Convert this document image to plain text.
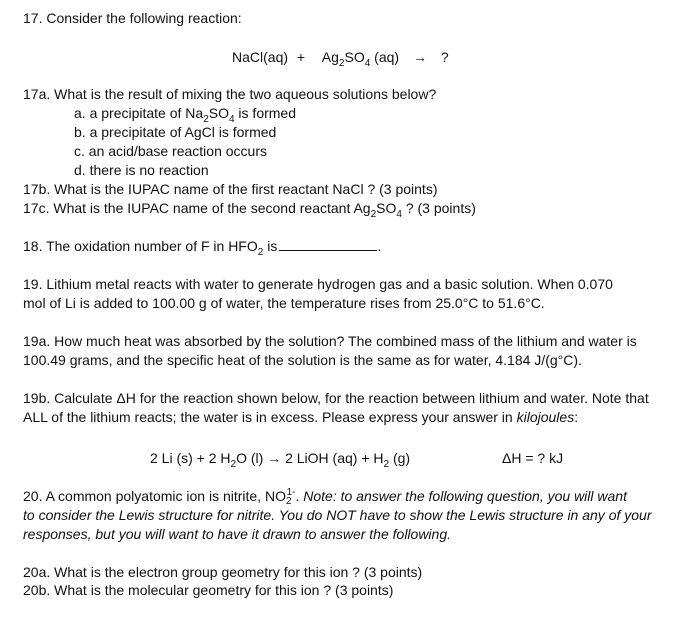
17. Consider the following reaction:
NaCl(aq) + $Ag_2SO_4$ (aq) → ?
17a. What is the result of mixing the two aqueous solutions below?
a. a precipitate of $Na_2SO_4$ is formed
b. a precipitate of AgCl is formed
c. an acid/base reaction occurs
d. there is no reaction
17b. What is the IUPAC name of the first reactant NaCl ? (3 points)
17c. What is the IUPAC name of the second reactant $Ag_2SO_4$ ? (3 points)
18. The oxidation number of F in $HFO_2$ is	.
19. Lithium metal reacts with water to generate hydrogen gas and a basic solution. When 0.070
mol of Li is added to 100.00 g of water, the temperature rises from 25.0°C to 51.6°C.
19a. How much heat was absorbed by the solution? The combined mass of the lithium and water is
100.49 grams, and the specific heat of the solution is the same as for water, 4.184 J/(g°C).
19b. Calculate ΔH for the reaction shown below, for the reaction between lithium and water. Note that
ALL of the lithium reacts; the water is in excess. Please express your answer in kilojoules:
2 Li (s) + 2 $H_2O$ (l) → 2 LiOH $(aq) + H_2$ (g)	ΔH = ? kJ
20. A common polyatomic ion is nitrite, $NO_2^{1-}$. Note: to answer the following question, you will want
to consider the Lewis structure for nitrite. You do NOT have to show the Lewis structure in any of your
responses, but you will want to have it drawn to answer the following.
20a. What is the electron group geometry for this ion ? (3 points)
20b. What is the molecular geometry for this ion ? (3 points)
